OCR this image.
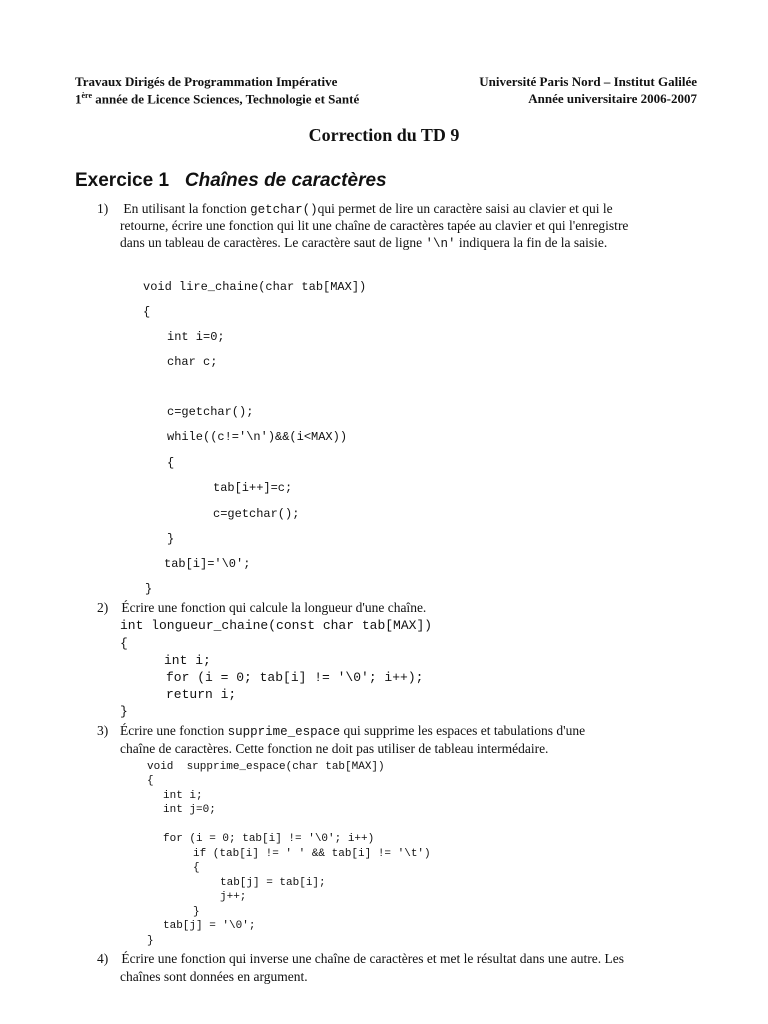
Travaux Dirigés de Programmation Impérative
1ère année de Licence Sciences, Technologie et Santé
Université Paris Nord – Institut Galilée
Année universitaire 2006-2007
Correction du TD 9
Exercice 1 Chaînes de caractères
1) En utilisant la fonction getchar()qui permet de lire un caractère saisi au clavier et qui le
retourne, écrire une fonction qui lit une chaîne de caractères tapée au clavier et qui l'enregistre
dans un tableau de caractères. Le caractère saut de ligne '\n' indiquera la fin de la saisie.
void lire_chaine(char tab[MAX])
{
int i=0;
char c;
c=getchar();
while((c!='\n')&&(i<MAX))
{
tab[i++]=c;
c=getchar();
}
tab[i]='\0';
}
2) Écrire une fonction qui calcule la longueur d'une chaîne.
int longueur_chaine(const char tab[MAX])
{
int i;
for (i = 0; tab[i] != '\0'; i++);
return i;
}
3) Écrire une fonction supprime_espace qui supprime les espaces et tabulations d'une
chaîne de caractères. Cette fonction ne doit pas utiliser de tableau intermédaire.
void  supprime_espace(char tab[MAX])
{
int i;
int j=0;
for (i = 0; tab[i] != '\0'; i++)
if (tab[i] != ' ' && tab[i] != '\t')
{
tab[j] = tab[i];
j++;
}
tab[j] = '\0';
}
4) Écrire une fonction qui inverse une chaîne de caractères et met le résultat dans une autre. Les
chaînes sont données en argument.
